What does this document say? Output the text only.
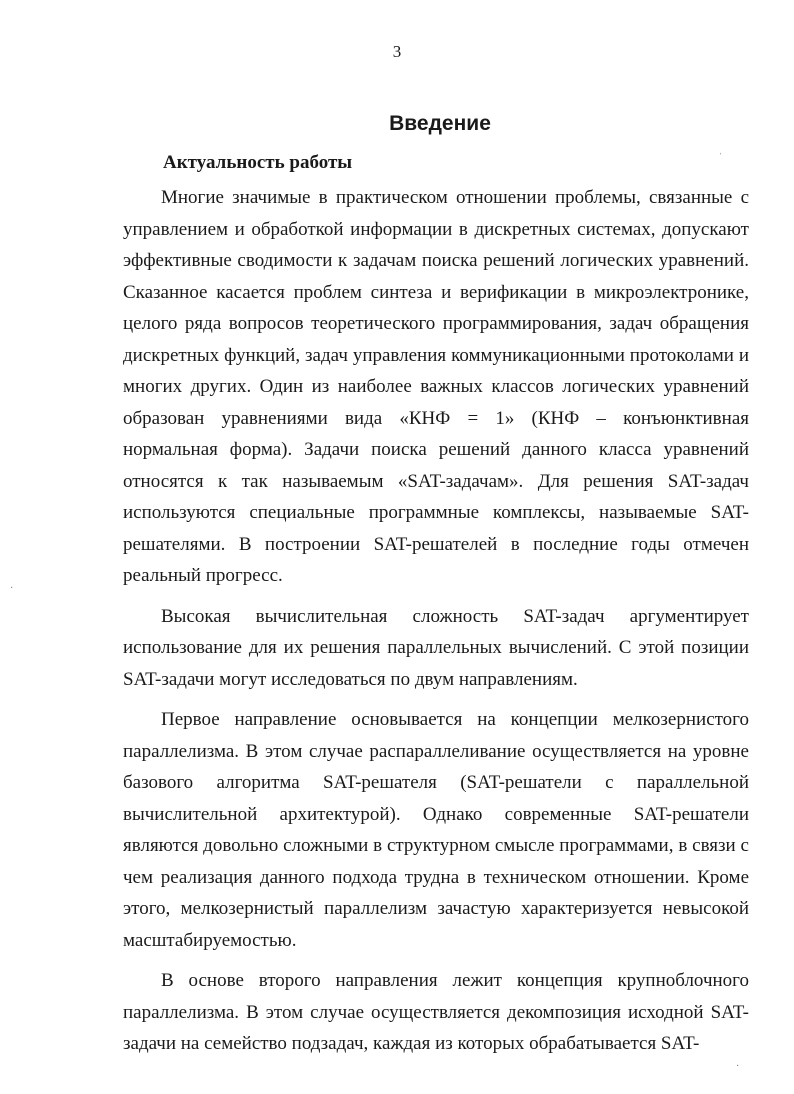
3
Введение
Актуальность работы

Многие значимые в практическом отношении проблемы, связанные с управлением и обработкой информации в дискретных системах, допускают эффективные сводимости к задачам поиска решений логических уравнений. Сказанное касается проблем синтеза и верификации в микроэлектронике, целого ряда вопросов теоретического программирования, задач обращения дискретных функций, задач управления коммуникационными протоколами и многих других. Один из наиболее важных классов логических уравнений образован уравнениями вида «КНФ = 1» (КНФ – конъюнктивная нормальная форма). Задачи поиска решений данного класса уравнений относятся к так называемым «SAT-задачам». Для решения SAT-задач используются специальные программные комплексы, называемые SAT-решателями. В построении SAT-решателей в последние годы отмечен реальный прогресс.

Высокая вычислительная сложность SAT-задач аргументирует использование для их решения параллельных вычислений. С этой позиции SAT-задачи могут исследоваться по двум направлениям.

Первое направление основывается на концепции мелкозернистого параллелизма. В этом случае распараллеливание осуществляется на уровне базового алгоритма SAT-решателя (SAT-решатели с параллельной вычислительной архитектурой). Однако современные SAT-решатели являются довольно сложными в структурном смысле программами, в связи с чем реализация данного подхода трудна в техническом отношении. Кроме этого, мелкозернистый параллелизм зачастую характеризуется невысокой масштабируемостью.

В основе второго направления лежит концепция крупноблочного параллелизма. В этом случае осуществляется декомпозиция исходной SAT-задачи на семейство подзадач, каждая из которых обрабатывается SAT-

ˈ
·
·
